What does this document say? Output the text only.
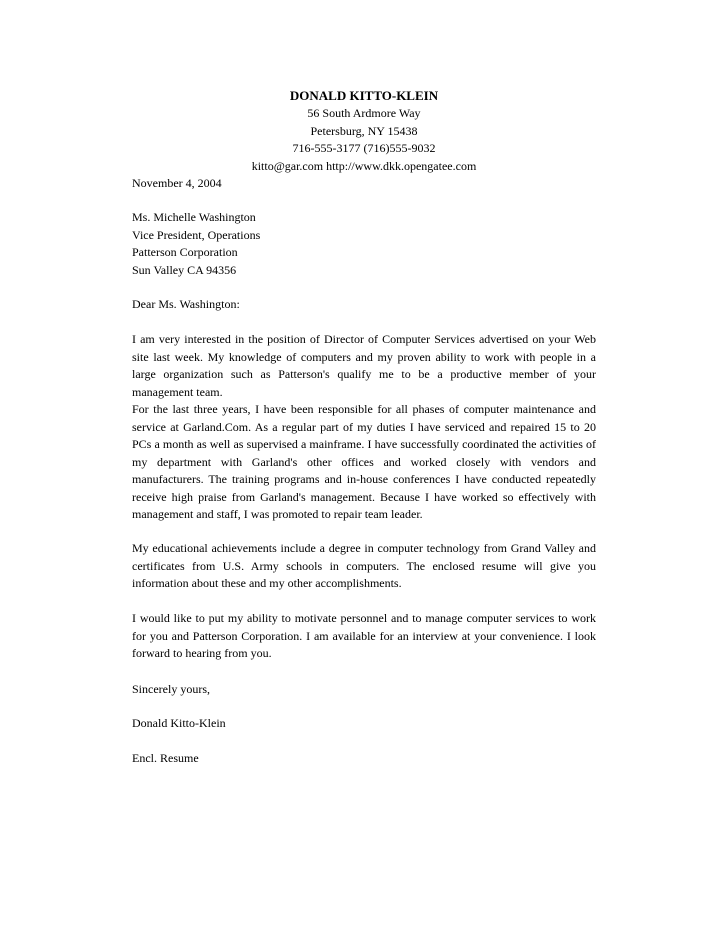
DONALD KITTO-KLEIN
56 South Ardmore Way
Petersburg, NY 15438
716-555-3177 (716)555-9032
kitto@gar.com http://www.dkk.opengatee.com
November 4, 2004
Ms. Michelle Washington
Vice President, Operations
Patterson Corporation
Sun Valley CA 94356
Dear Ms. Washington:
I am very interested in the position of Director of Computer Services advertised on your Web site last week. My knowledge of computers and my proven ability to work with people in a large organization such as Patterson's qualify me to be a productive member of your management team.
For the last three years, I have been responsible for all phases of computer maintenance and service at Garland.Com. As a regular part of my duties I have serviced and repaired 15 to 20 PCs a month as well as supervised a mainframe. I have successfully coordinated the activities of my department with Garland's other offices and worked closely with vendors and manufacturers. The training programs and in-house conferences I have conducted repeatedly receive high praise from Garland's management. Because I have worked so effectively with management and staff, I was promoted to repair team leader.
My educational achievements include a degree in computer technology from Grand Valley and certificates from U.S. Army schools in computers. The enclosed resume will give you information about these and my other accomplishments.
I would like to put my ability to motivate personnel and to manage computer services to work for you and Patterson Corporation. I am available for an interview at your convenience. I look forward to hearing from you.
Sincerely yours,
Donald Kitto-Klein
Encl. Resume
